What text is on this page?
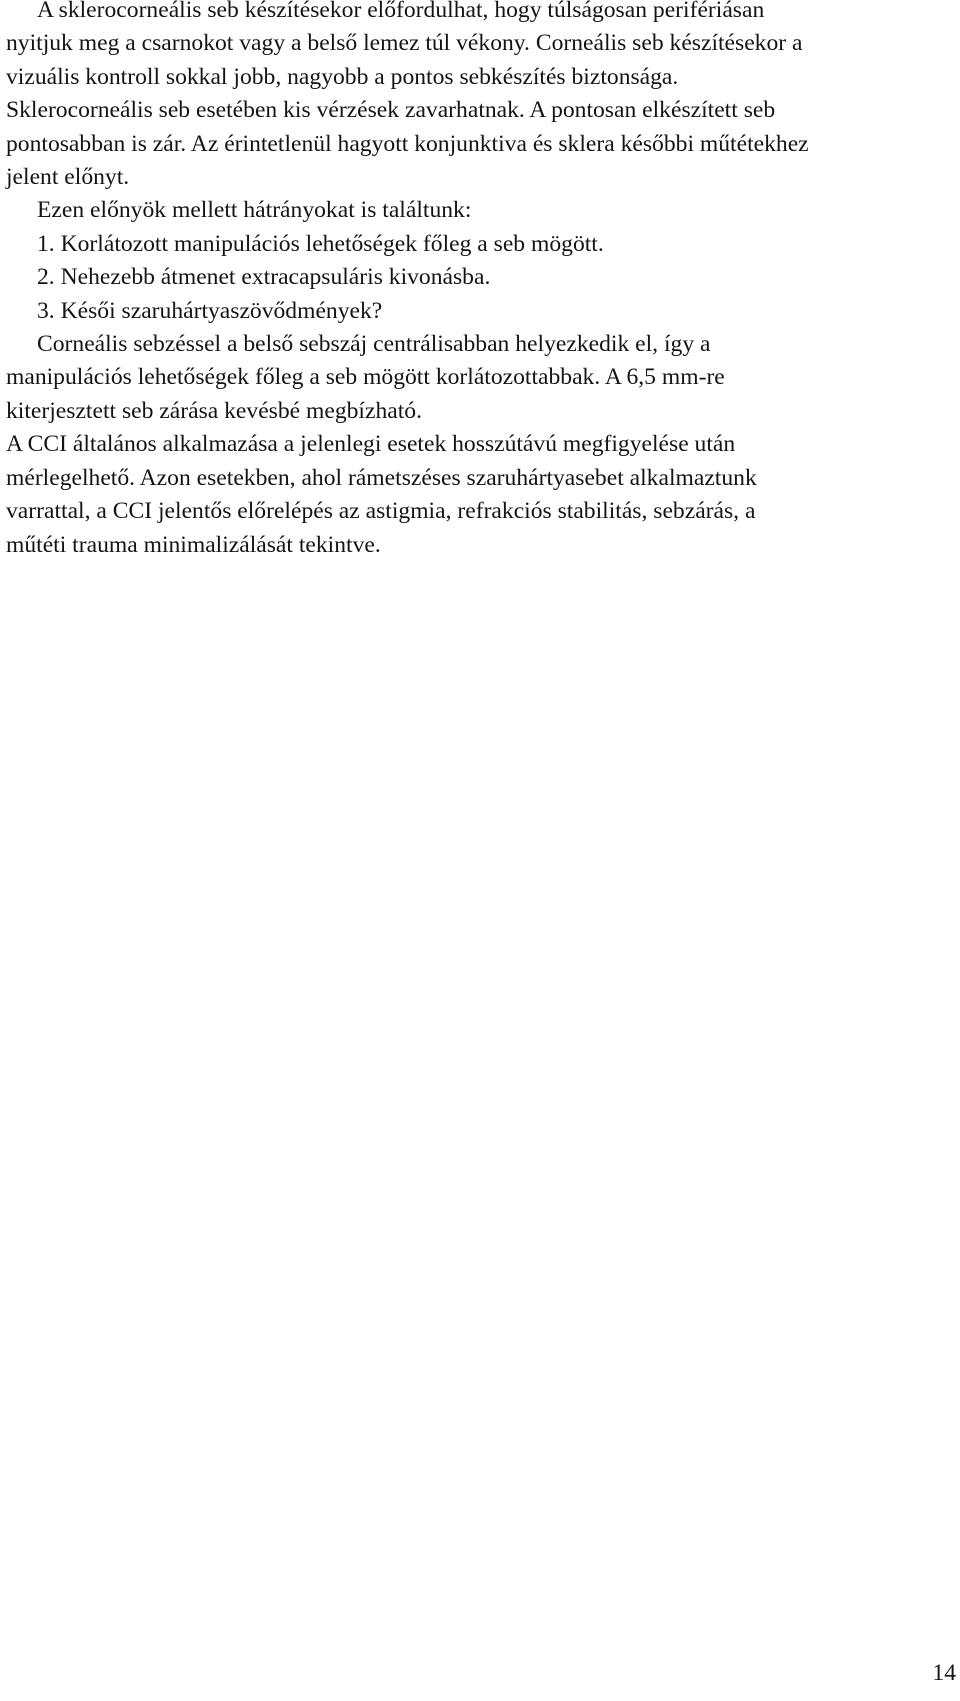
A sklerocorneális seb készítésekor előfordulhat, hogy túlságosan perifériásan
nyitjuk meg a csarnokot vagy a belső lemez túl vékony. Corneális seb készítésekor a
vizuális kontroll sokkal jobb, nagyobb a pontos sebkészítés biztonsága.
Sklerocorneális seb esetében kis vérzések zavarhatnak. A pontosan elkészített seb
pontosabban is zár. Az érintetlenül hagyott konjunktiva és sklera későbbi műtétekhez
jelent előnyt.
Ezen előnyök mellett hátrányokat is találtunk:
1. Korlátozott manipulációs lehetőségek főleg a seb mögött.
2. Nehezebb átmenet extracapsuláris kivonásba.
3. Késői szaruhártyaszövődmények?
Corneális sebzéssel a belső sebszáj centrálisabban helyezkedik el, így a
manipulációs lehetőségek főleg a seb mögött korlátozottabbak. A 6,5 mm-re
kiterjesztett seb zárása kevésbé megbízható.
A CCI általános alkalmazása a jelenlegi esetek hosszútávú megfigyelése után
mérlegelhető. Azon esetekben, ahol rámetszéses szaruhártyasebet alkalmaztunk
varrattal, a CCI jelentős előrelépés az astigmia, refrakciós stabilitás, sebzárás, a
műtéti trauma minimalizálását tekintve.
14
